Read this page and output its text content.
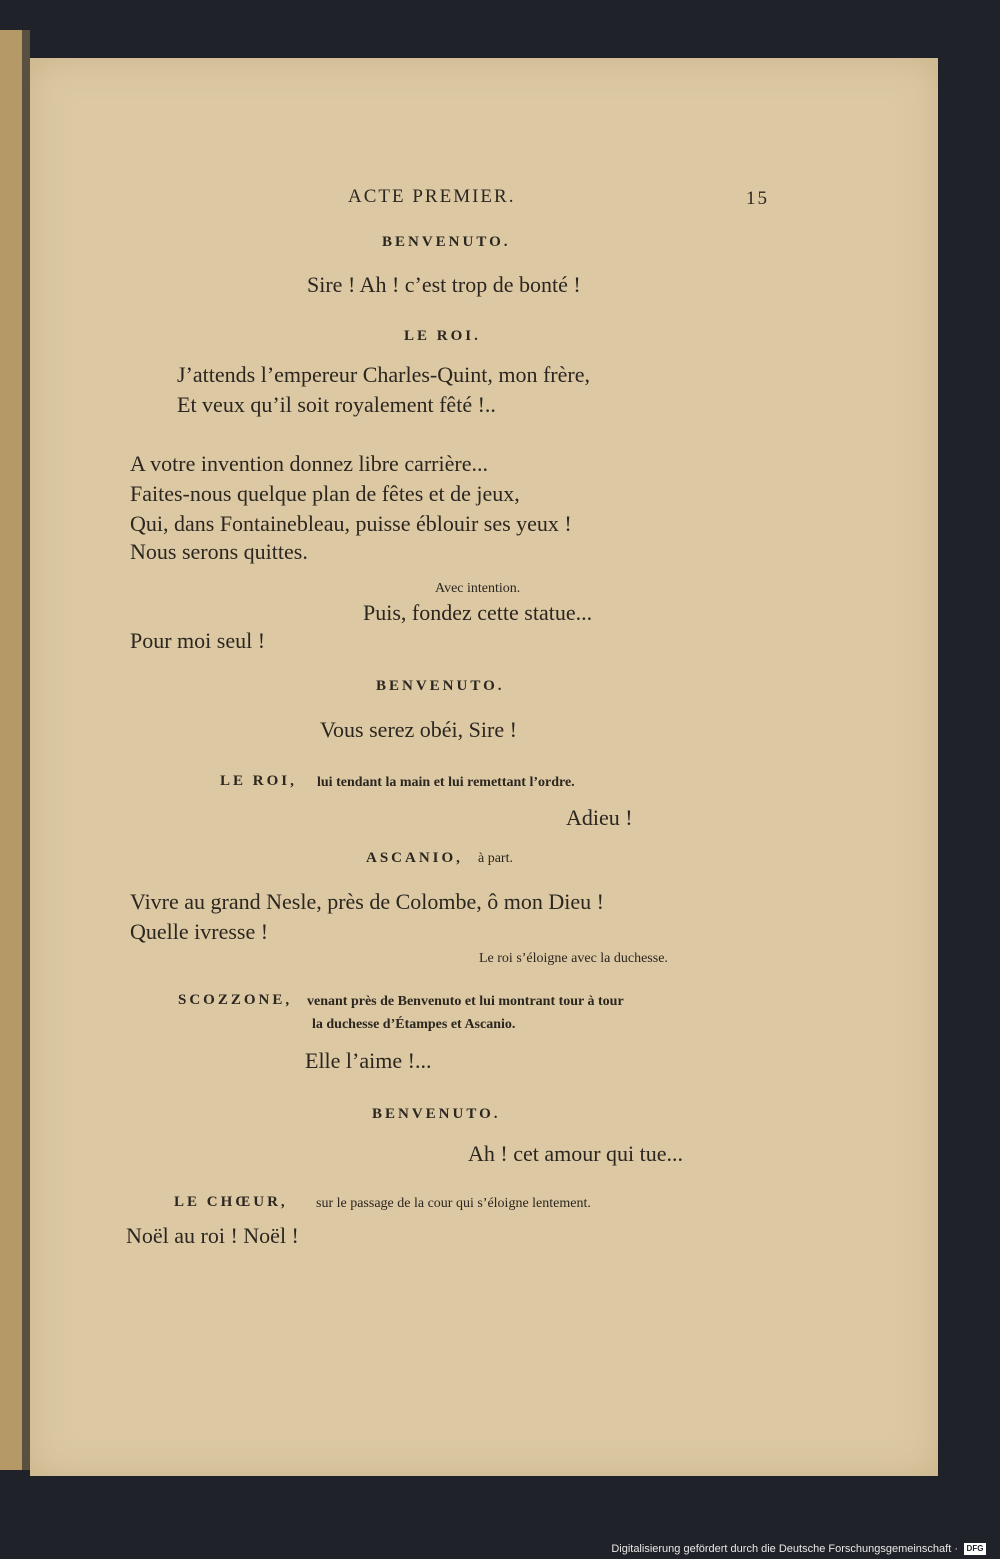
ACTE PREMIER.	15
BENVENUTO.
Sire ! Ah ! c’est trop de bonté !
LE ROI.
J’attends l’empereur Charles-Quint, mon frère,
Et veux qu’il soit royalement fêté !..
A votre invention donnez libre carrière...
Faites-nous quelque plan de fêtes et de jeux,
Qui, dans Fontainebleau, puisse éblouir ses yeux !
Nous serons quittes.
Avec intention.
Puis, fondez cette statue...
Pour moi seul !
BENVENUTO.
Vous serez obéi, Sire !
LE ROI, lui tendant la main et lui remettant l’ordre.
Adieu !
ASCANIO, à part.
Vivre au grand Nesle, près de Colombe, ô mon Dieu !
Quelle ivresse !
Le roi s’éloigne avec la duchesse.
SCOZZONE, venant près de Benvenuto et lui montrant tour à tour
la duchesse d’Étampes et Ascanio.
Elle l’aime !...
BENVENUTO.
Ah ! cet amour qui tue...
LE CHŒUR, sur le passage de la cour qui s’éloigne lentement.
Noël au roi ! Noël !
Digitalisierung gefördert durch die Deutsche Forschungsgemeinschaft ·	DFG
